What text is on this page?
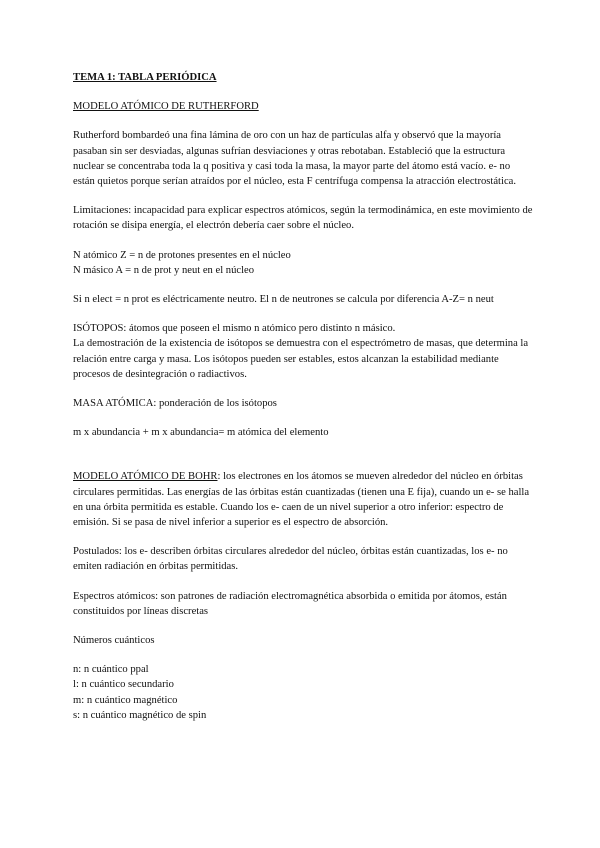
TEMA 1: TABLA PERIÓDICA

MODELO ATÓMICO DE RUTHERFORD

Rutherford bombardeó una fina lámina de oro con un haz de partículas alfa y observó que la mayoría pasaban sin ser desviadas, algunas sufrían desviaciones y otras rebotaban. Estableció que la estructura nuclear se concentraba toda la q positiva y casi toda la masa, la mayor parte del átomo está vacío. e- no están quietos porque serían atraídos por el núcleo, esta F centrífuga compensa la atracción electrostática.

Limitaciones: incapacidad para explicar espectros atómicos, según la termodinámica, en este movimiento de rotación se disipa energía, el electrón debería caer sobre el núcleo.

N atómico Z = n de protones presentes en el núcleo

N másico A = n de prot y neut en el núcleo

Si n elect = n prot es eléctricamente neutro. El n de neutrones se calcula por diferencia A-Z= n neut

ISÓTOPOS: átomos que poseen el mismo n atómico pero distinto n másico.

La demostración de la existencia de isótopos se demuestra con el espectrómetro de masas, que determina la relación entre carga y masa. Los isótopos pueden ser estables, estos alcanzan la estabilidad mediante procesos de desintegración o radiactivos.

MASA ATÓMICA: ponderación de los isótopos

m x abundancia + m x abundancia= m atómica del elemento

MODELO ATÓMICO DE BOHR: los electrones en los átomos se mueven alrededor del núcleo en órbitas circulares permitidas. Las energías de las órbitas están cuantizadas (tienen una E fija), cuando un e- se halla en una órbita permitida es estable. Cuando los e- caen de un nivel superior a otro inferior: espectro de emisión. Si se pasa de nivel inferior a superior es el espectro de absorción.

Postulados: los e- describen órbitas circulares alrededor del núcleo, órbitas están cuantizadas, los e- no emiten radiación en órbitas permitidas.

Espectros atómicos: son patrones de radiación electromagnética absorbida o emitida por átomos, están constituidos por líneas discretas

Números cuánticos

n: n cuántico ppal

l: n cuántico secundario

m: n cuántico magnético

s: n cuántico magnético de spin
